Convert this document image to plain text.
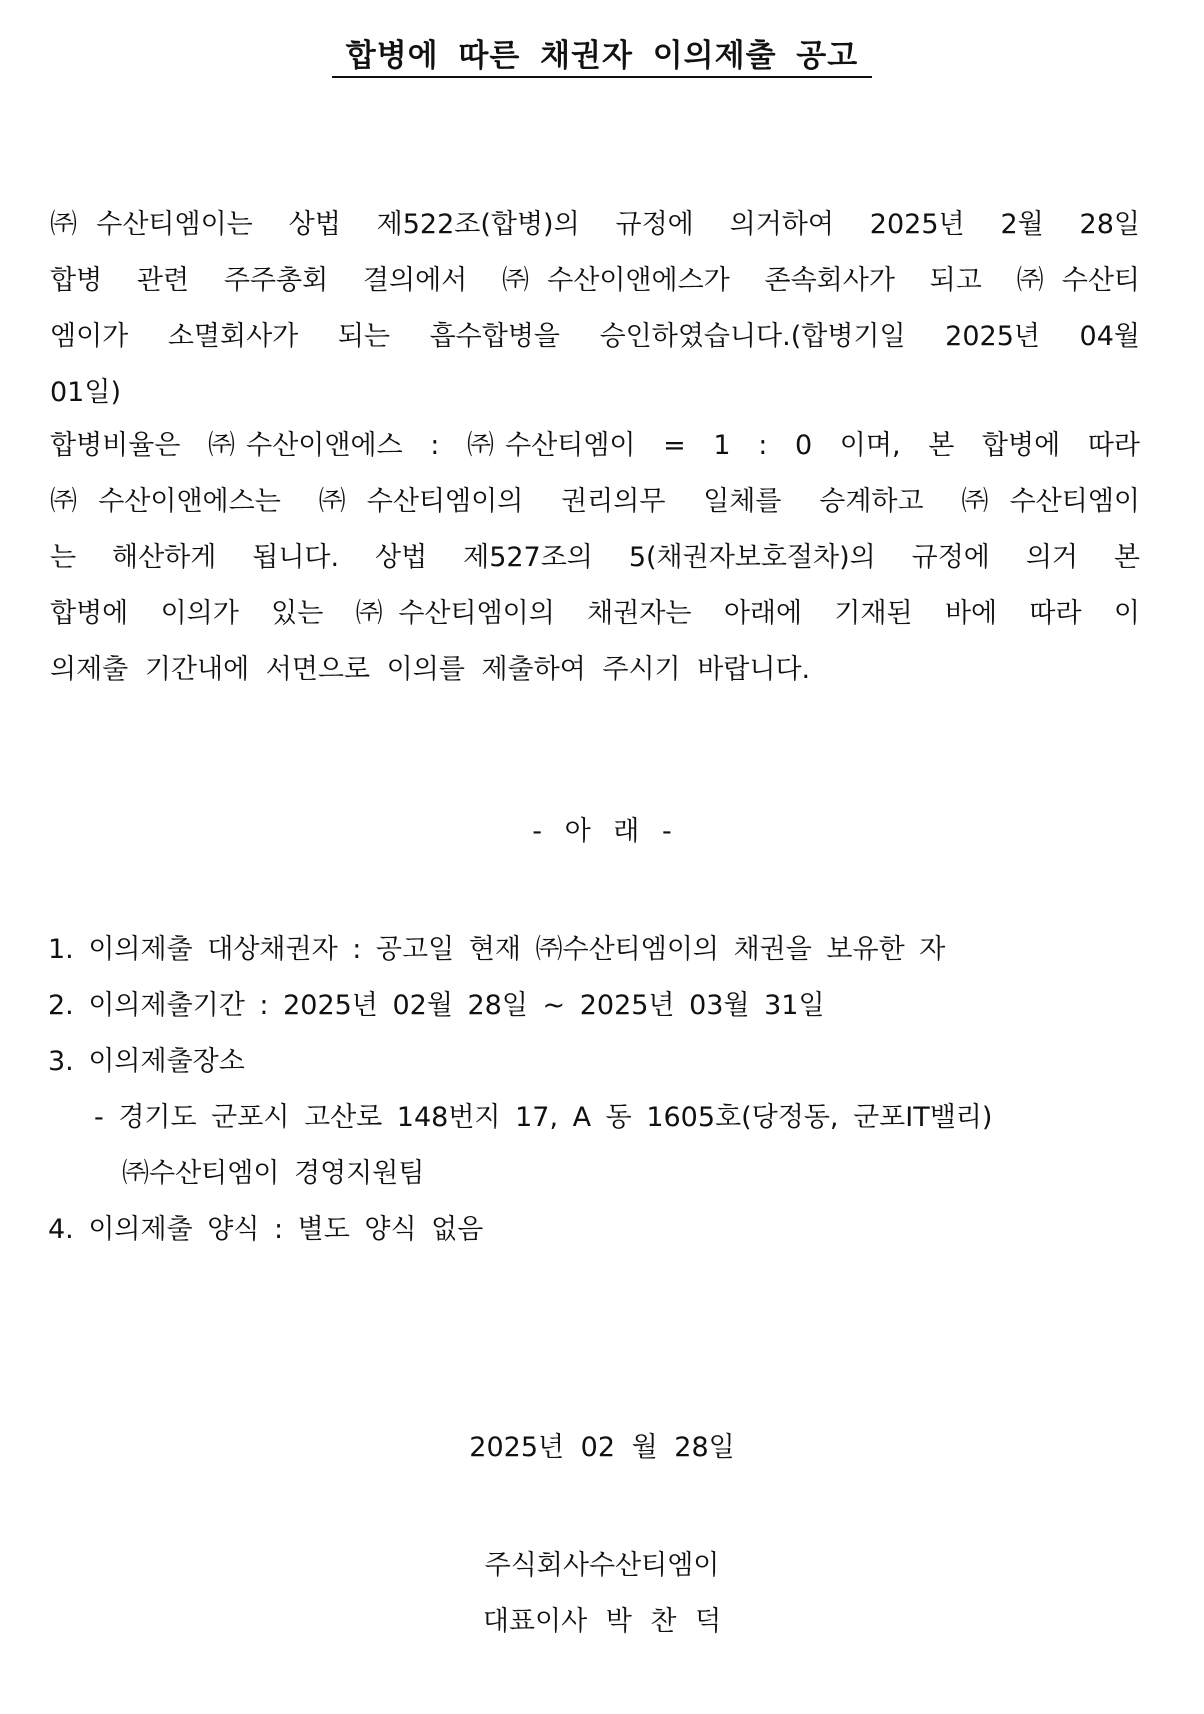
합병에 따른 채권자 이의제출 공고
㈜수산티엠이는 상법 제522조(합병)의 규정에 의거하여 2025년 2월 28일
합병 관련 주주총회 결의에서 ㈜수산이앤에스가 존속회사가 되고 ㈜수산티
엠이가 소멸회사가 되는 흡수합병을 승인하였습니다.(합병기일 2025년 04월
01일)
합병비율은 ㈜수산이앤에스 : ㈜수산티엠이 = 1 : 0 이며, 본 합병에 따라
㈜수산이앤에스는 ㈜수산티엠이의 권리의무 일체를 승계하고 ㈜수산티엠이
는 해산하게 됩니다. 상법 제527조의 5(채권자보호절차)의 규정에 의거 본
합병에 이의가 있는 ㈜수산티엠이의 채권자는 아래에 기재된 바에 따라 이
의제출 기간내에 서면으로 이의를 제출하여 주시기 바랍니다.
- 아 래 -
1. 이의제출 대상채권자 : 공고일 현재 ㈜수산티엠이의 채권을 보유한 자
2. 이의제출기간 : 2025년 02월 28일 ~ 2025년 03월 31일
3. 이의제출장소
- 경기도 군포시 고산로 148번지 17, A 동 1605호(당정동, 군포IT밸리)
㈜수산티엠이 경영지원팀
4. 이의제출 양식 : 별도 양식 없음
2025년 02 월 28일
주식회사수산티엠이
대표이사 박 찬 덕
